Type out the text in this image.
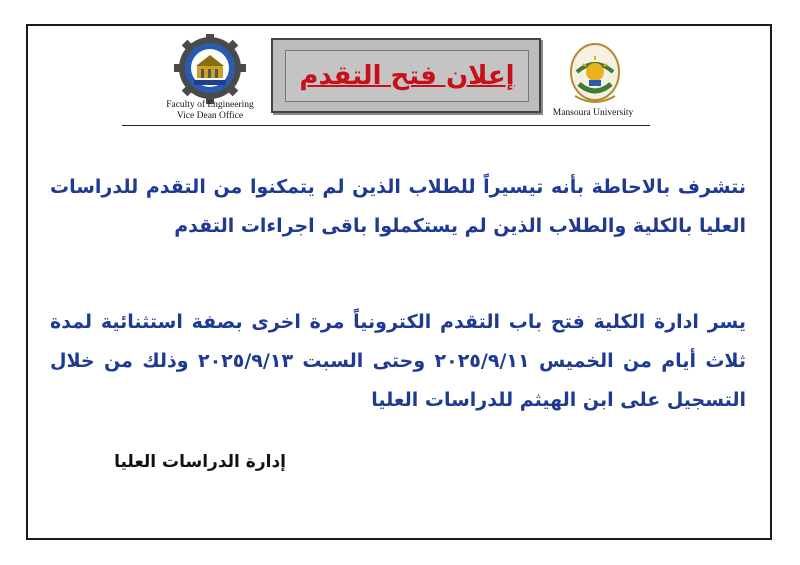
Faculty of Engineering
Vice Dean Office
إعلان فتح التقدم
Mansoura University
نتشرف بالاحاطة بأنه تيسيراً للطلاب الذين لم يتمكنوا من التقدم للدراسات العليا بالكلية والطلاب الذين لم يستكملوا باقى اجراءات التقدم
يسر ادارة الكلية فتح باب التقدم الكترونياً مرة اخرى بصفة استثنائية لمدة ثلاث أيام من الخميس ٢٠٢٥/٩/١١ وحتى السبت ٢٠٢٥/٩/١٣ وذلك من خلال التسجيل على ابن الهيثم للدراسات العليا
إدارة الدراسات العليا
